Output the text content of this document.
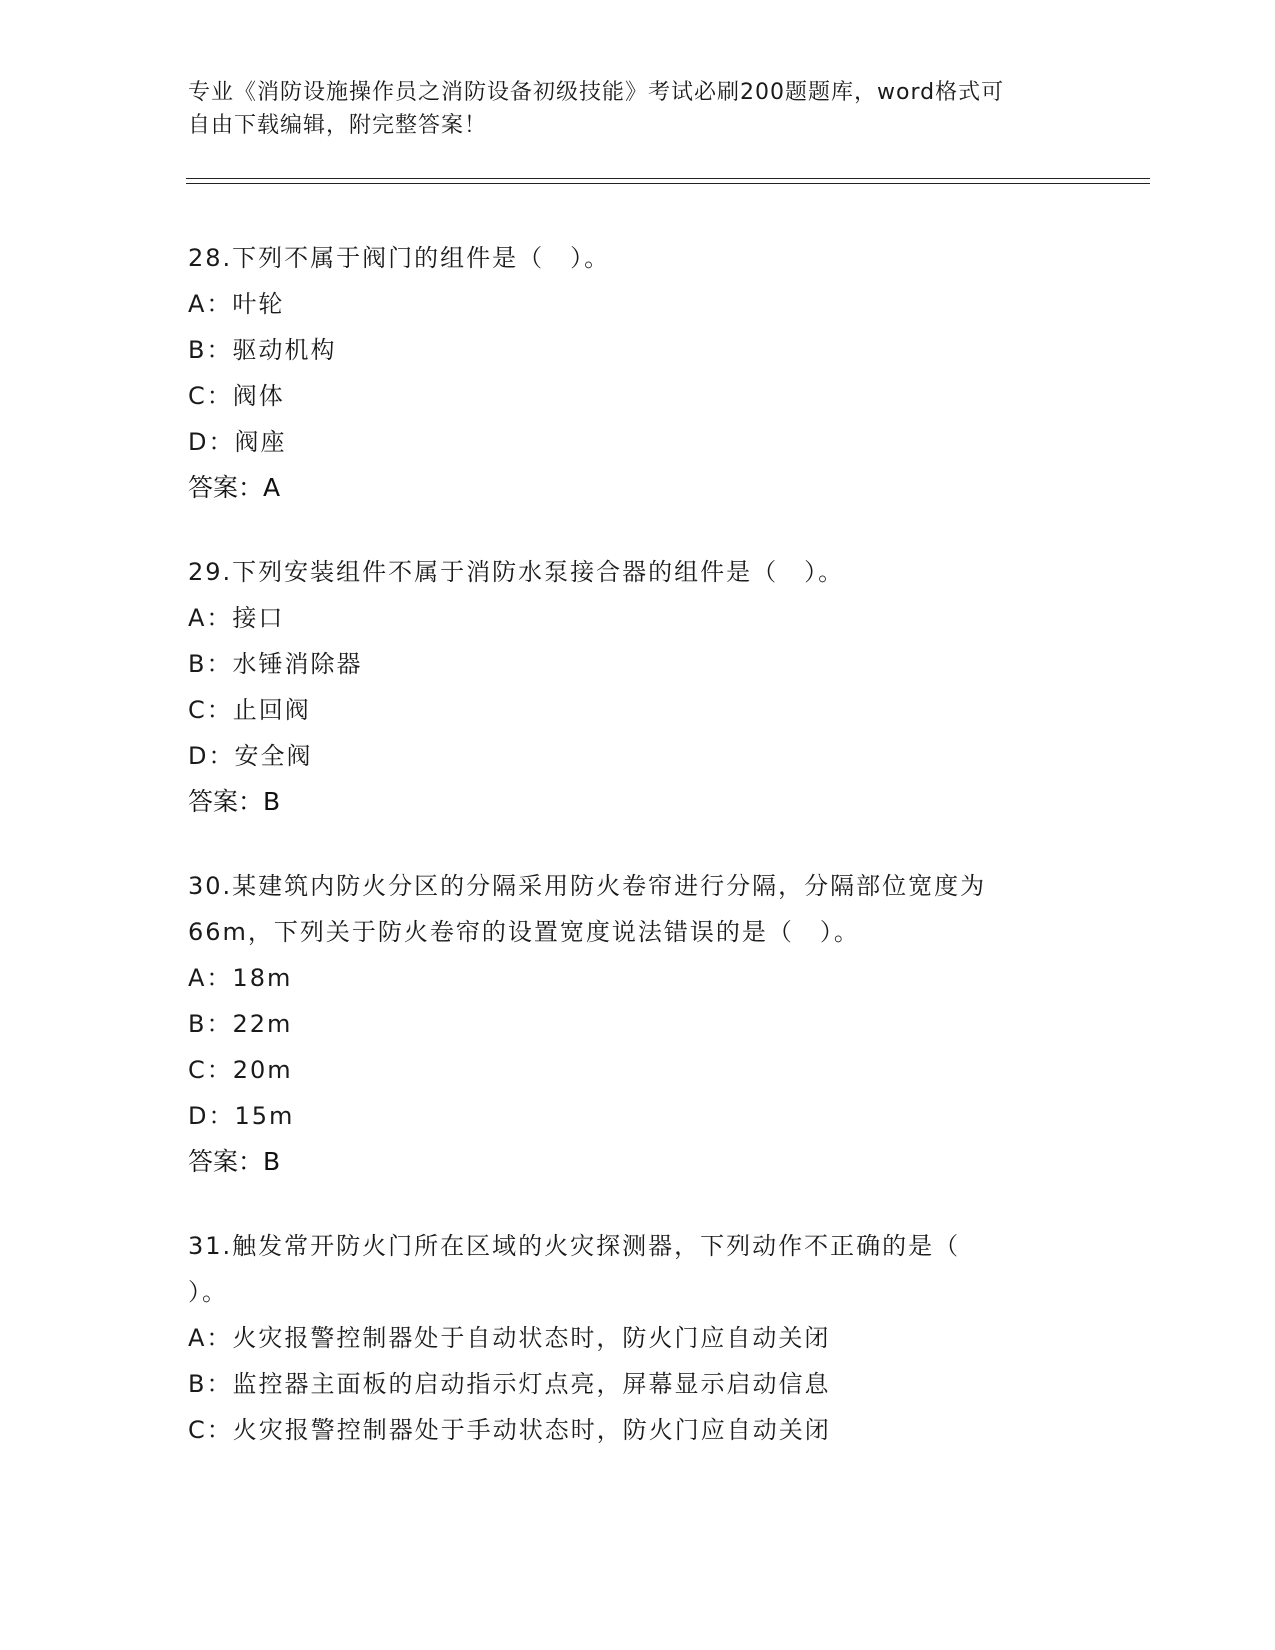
专业《消防设施操作员之消防设备初级技能》考试必刷200题题库，word格式可
自由下载编辑，附完整答案！
28.下列不属于阀门的组件是（　）。
A：叶轮
B：驱动机构
C：阀体
D：阀座
答案：A
29.下列安装组件不属于消防水泵接合器的组件是（　）。
A：接口
B：水锤消除器
C：止回阀
D：安全阀
答案：B
30.某建筑内防火分区的分隔采用防火卷帘进行分隔，分隔部位宽度为
66m，下列关于防火卷帘的设置宽度说法错误的是（　）。
A：18m
B：22m
C：20m
D：15m
答案：B
31.触发常开防火门所在区域的火灾探测器，下列动作不正确的是（
）。
A：火灾报警控制器处于自动状态时，防火门应自动关闭
B：监控器主面板的启动指示灯点亮，屏幕显示启动信息
C：火灾报警控制器处于手动状态时，防火门应自动关闭
